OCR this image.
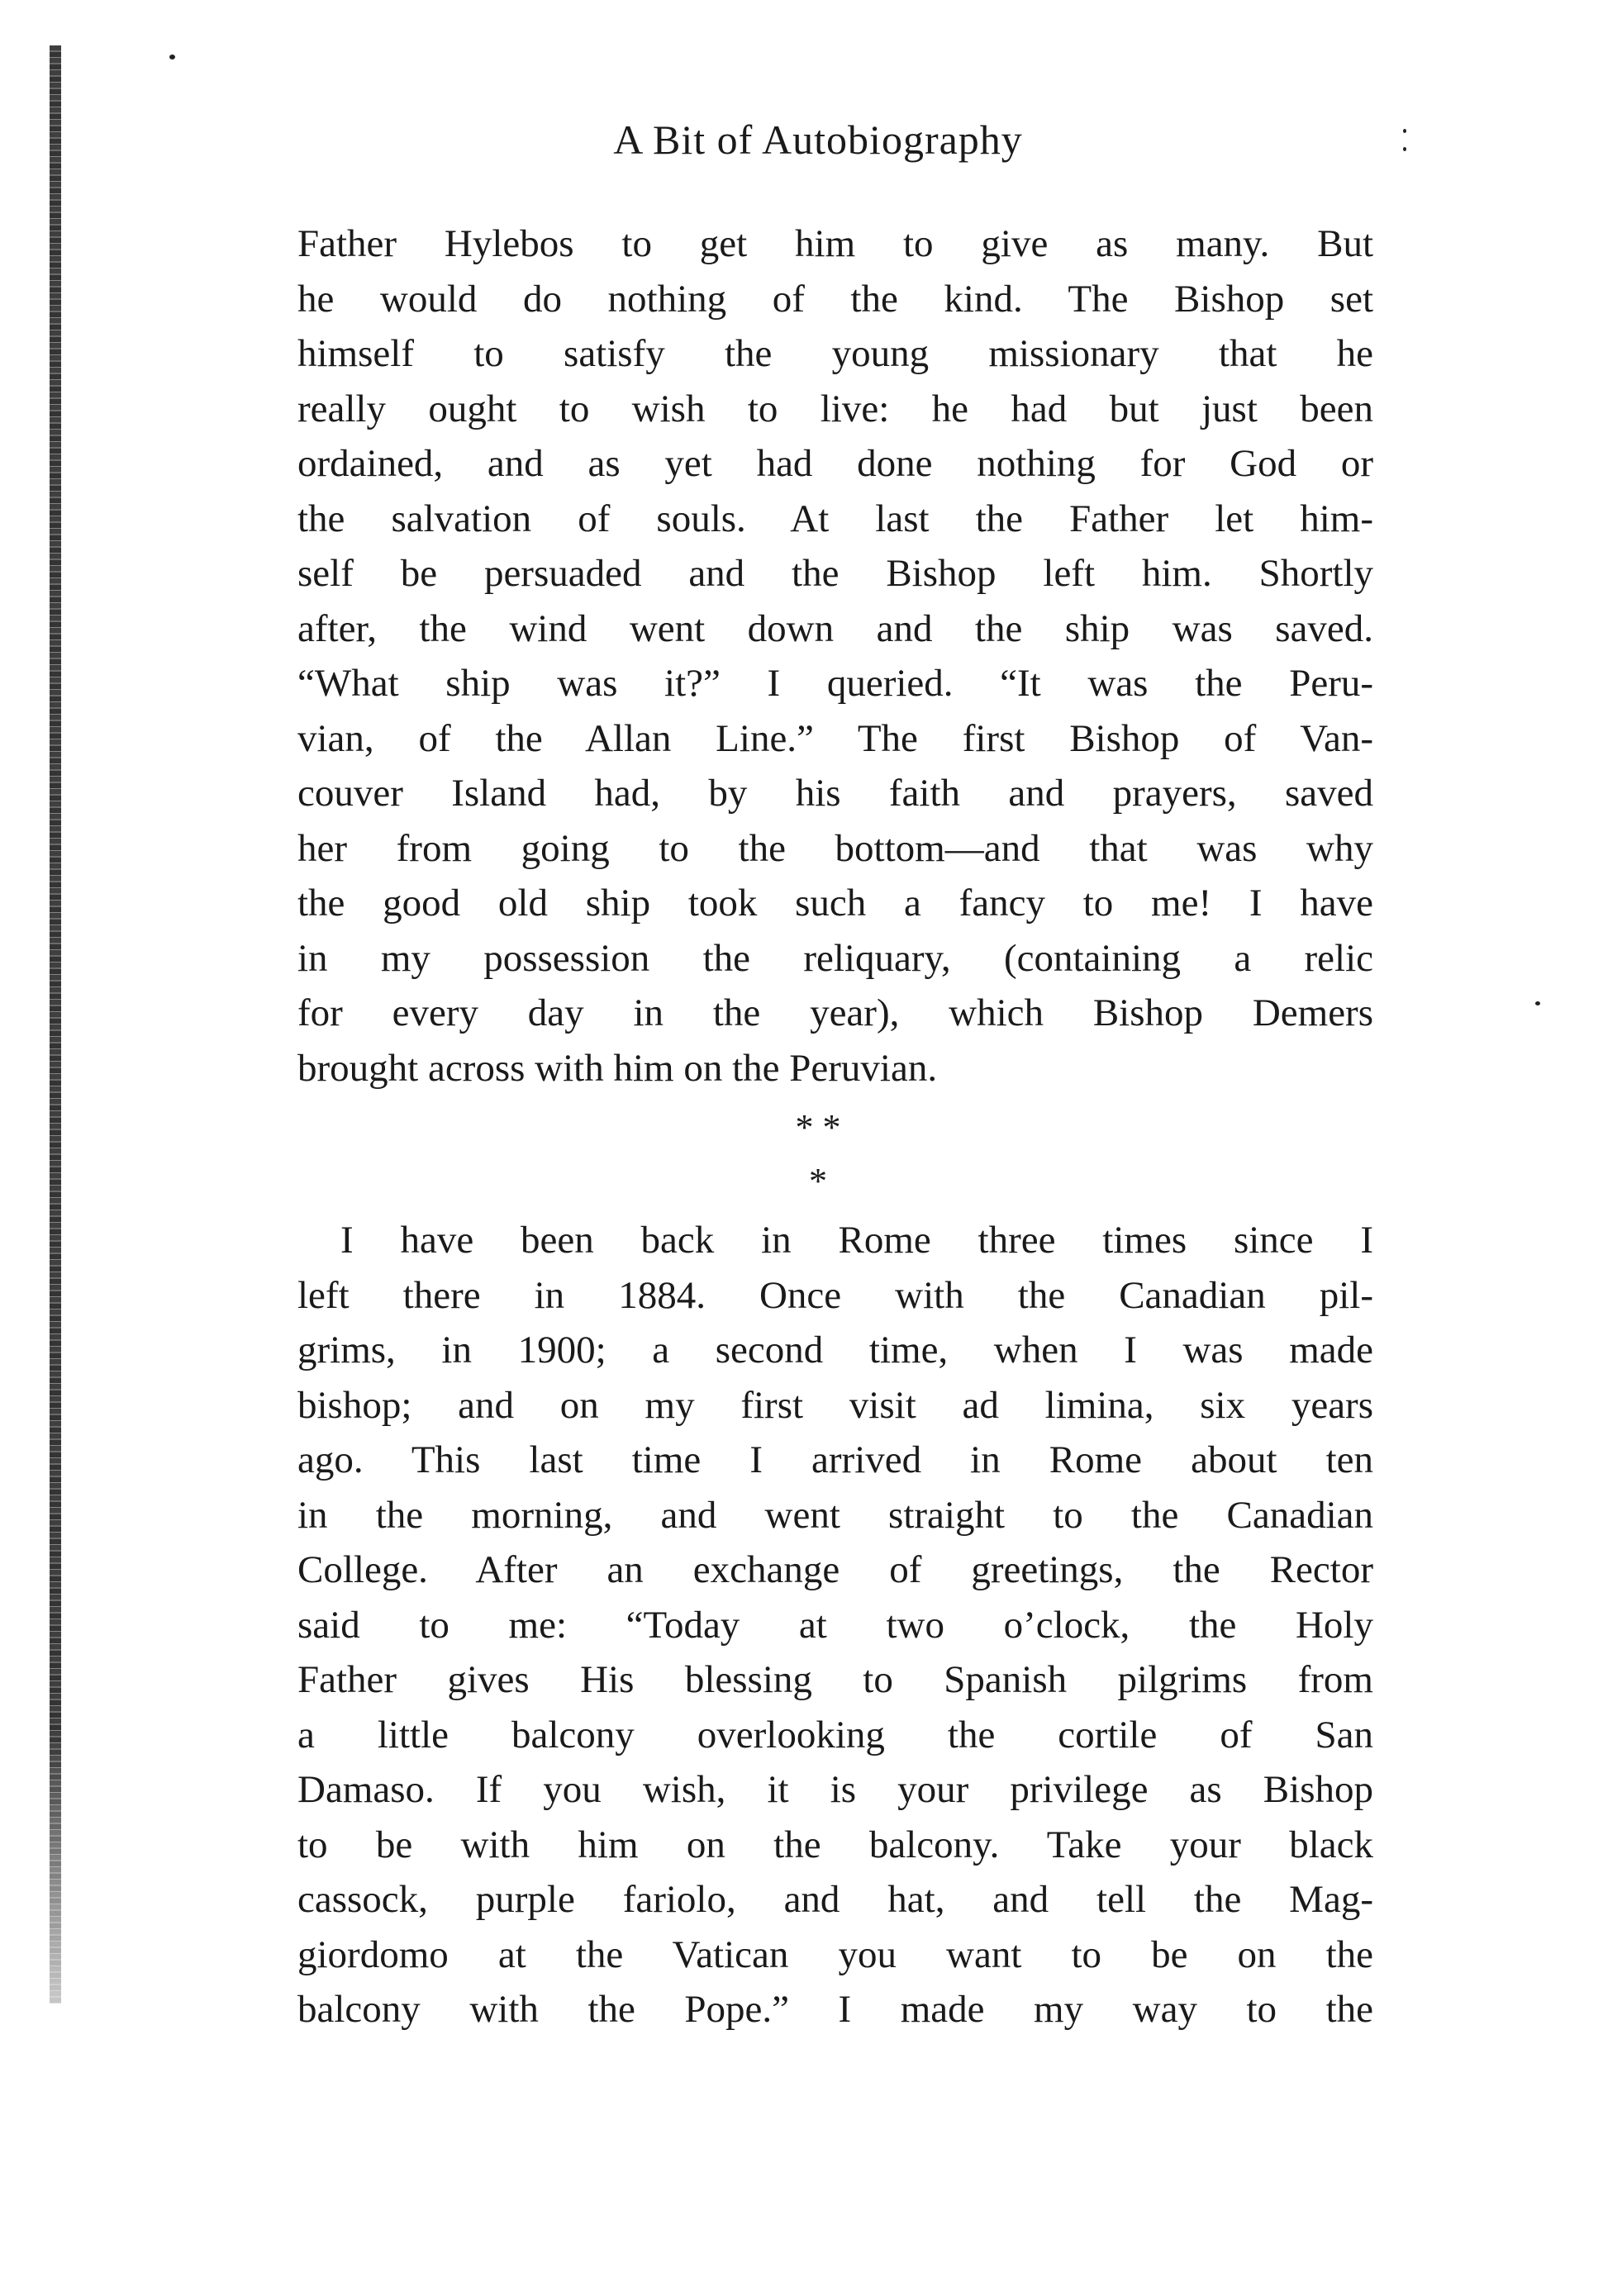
A Bit of Autobiography
Father Hylebos to get him to give as many. But
he would do nothing of the kind. The Bishop set
himself to satisfy the young missionary that he
really ought to wish to live: he had but just been
ordained, and as yet had done nothing for God or
the salvation of souls. At last the Father let him-
self be persuaded and the Bishop left him. Shortly
after, the wind went down and the ship was saved.
“What ship was it?” I queried. “It was the Peru-
vian, of the Allan Line.” The first Bishop of Van-
couver Island had, by his faith and prayers, saved
her from going to the bottom—and that was why
the good old ship took such a fancy to me! I have
in my possession the reliquary, (containing a relic
for every day in the year), which Bishop Demers
brought across with him on the Peruvian.
* *
*
I have been back in Rome three times since I
left there in 1884. Once with the Canadian pil-
grims, in 1900; a second time, when I was made
bishop; and on my first visit ad limina, six years
ago. This last time I arrived in Rome about ten
in the morning, and went straight to the Canadian
College. After an exchange of greetings, the Rector
said to me: “Today at two o’clock, the Holy
Father gives His blessing to Spanish pilgrims from
a little balcony overlooking the cortile of San
Damaso. If you wish, it is your privilege as Bishop
to be with him on the balcony. Take your black
cassock, purple fariolo, and hat, and tell the Mag-
giordomo at the Vatican you want to be on the
balcony with the Pope.” I made my way to the
